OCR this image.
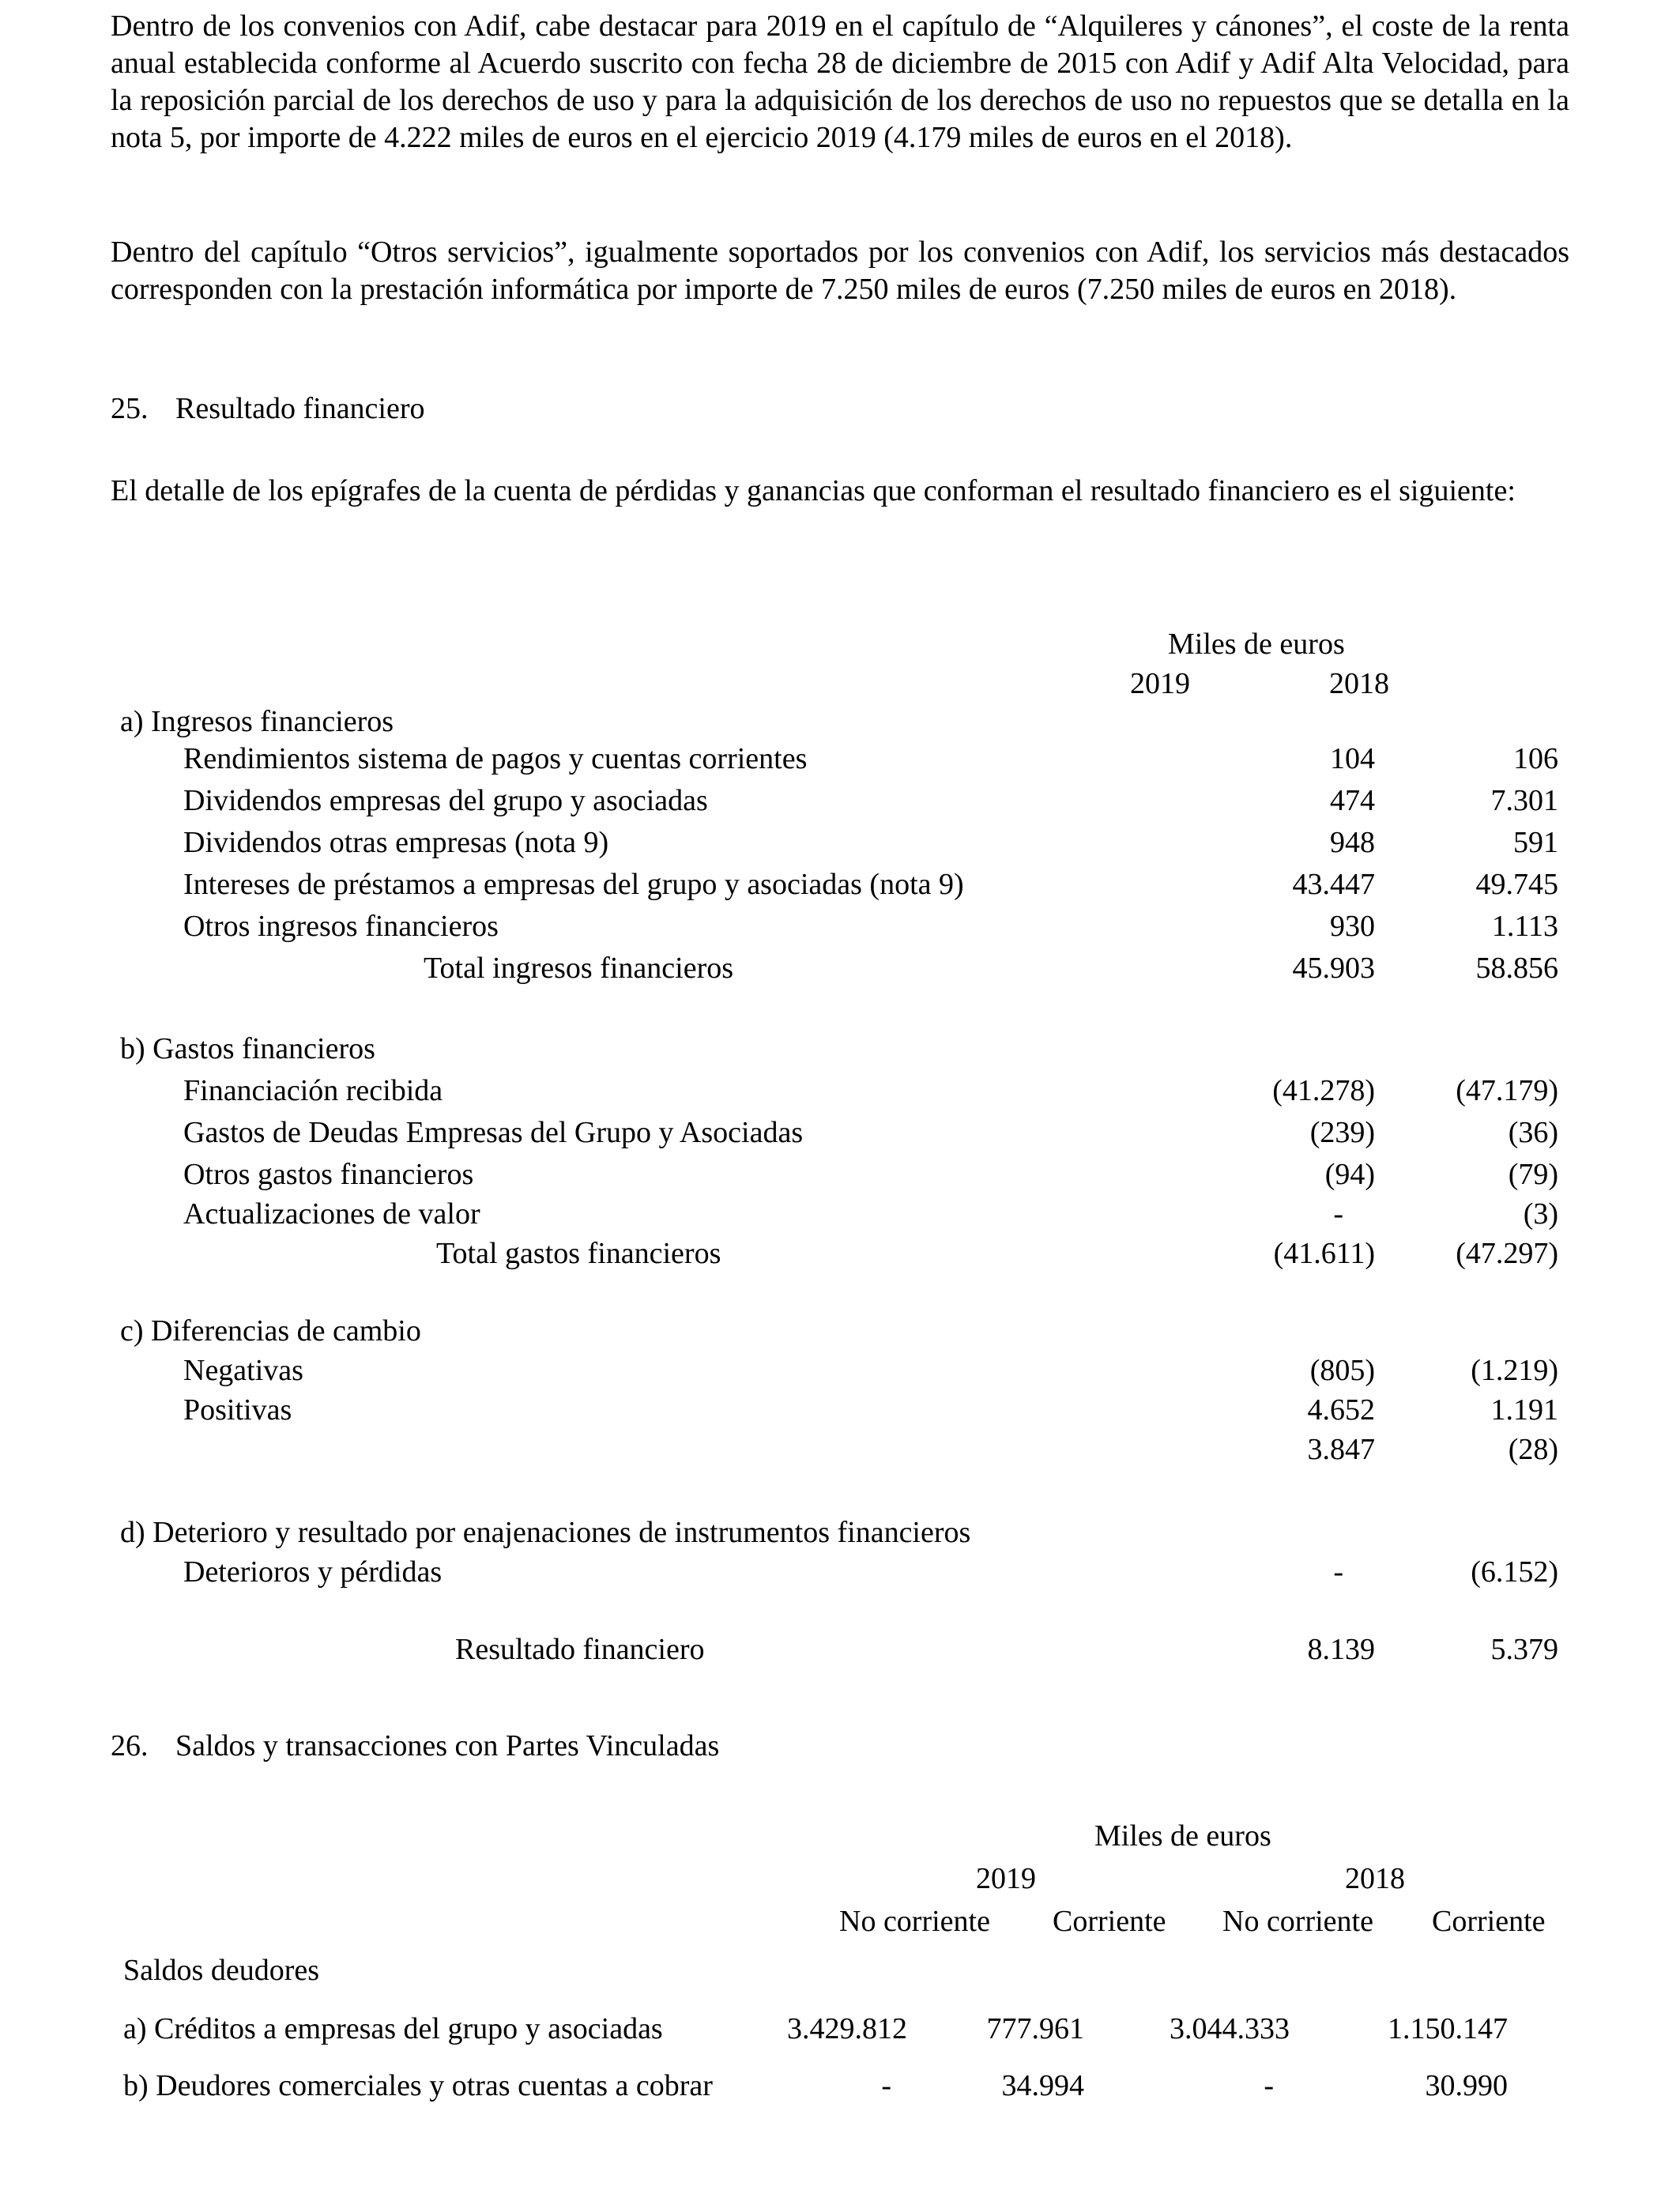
Dentro de los convenios con Adif, cabe destacar para 2019 en el capítulo de “Alquileres y cánones”, el coste de la renta anual establecida conforme al Acuerdo suscrito con fecha 28 de diciembre de 2015 con Adif y Adif Alta Velocidad, para la reposición parcial de los derechos de uso y para la adquisición de los derechos de uso no repuestos que se detalla en la nota 5, por importe de 4.222 miles de euros en el ejercicio 2019 (4.179 miles de euros en el 2018).

Dentro del capítulo “Otros servicios”, igualmente soportados por los convenios con Adif, los servicios más destacados corresponden con la prestación informática por importe de 7.250 miles de euros (7.250 miles de euros en 2018).

25. Resultado financiero

El detalle de los epígrafes de la cuenta de pérdidas y ganancias que conforman el resultado financiero es el siguiente:

Miles de euros
2019	2018
a) Ingresos financieros
Rendimientos sistema de pagos y cuentas corrientes	104	106
Dividendos empresas del grupo y asociadas	474	7.301
Dividendos otras empresas (nota 9)	948	591
Intereses de préstamos a empresas del grupo y asociadas (nota 9)	43.447	49.745
Otros ingresos financieros	930	1.113
Total ingresos financieros	45.903	58.856
b) Gastos financieros
Financiación recibida	(41.278)	(47.179)
Gastos de Deudas Empresas del Grupo y Asociadas	(239)	(36)
Otros gastos financieros	(94)	(79)
Actualizaciones de valor	-	(3)
Total gastos financieros	(41.611)	(47.297)
c) Diferencias de cambio
Negativas	(805)	(1.219)
Positivas	4.652	1.191
3.847	(28)
d) Deterioro y resultado por enajenaciones de instrumentos financieros
Deterioros y pérdidas	-	(6.152)
Resultado financiero	8.139	5.379
26. Saldos y transacciones con Partes Vinculadas
Miles de euros
2019	2018
No corriente Corriente No corriente Corriente
Saldos deudores
a) Créditos a empresas del grupo y asociadas	3.429.812	777.961	3.044.333	1.150.147
b) Deudores comerciales y otras cuentas a cobrar	-	34.994	-	30.990
